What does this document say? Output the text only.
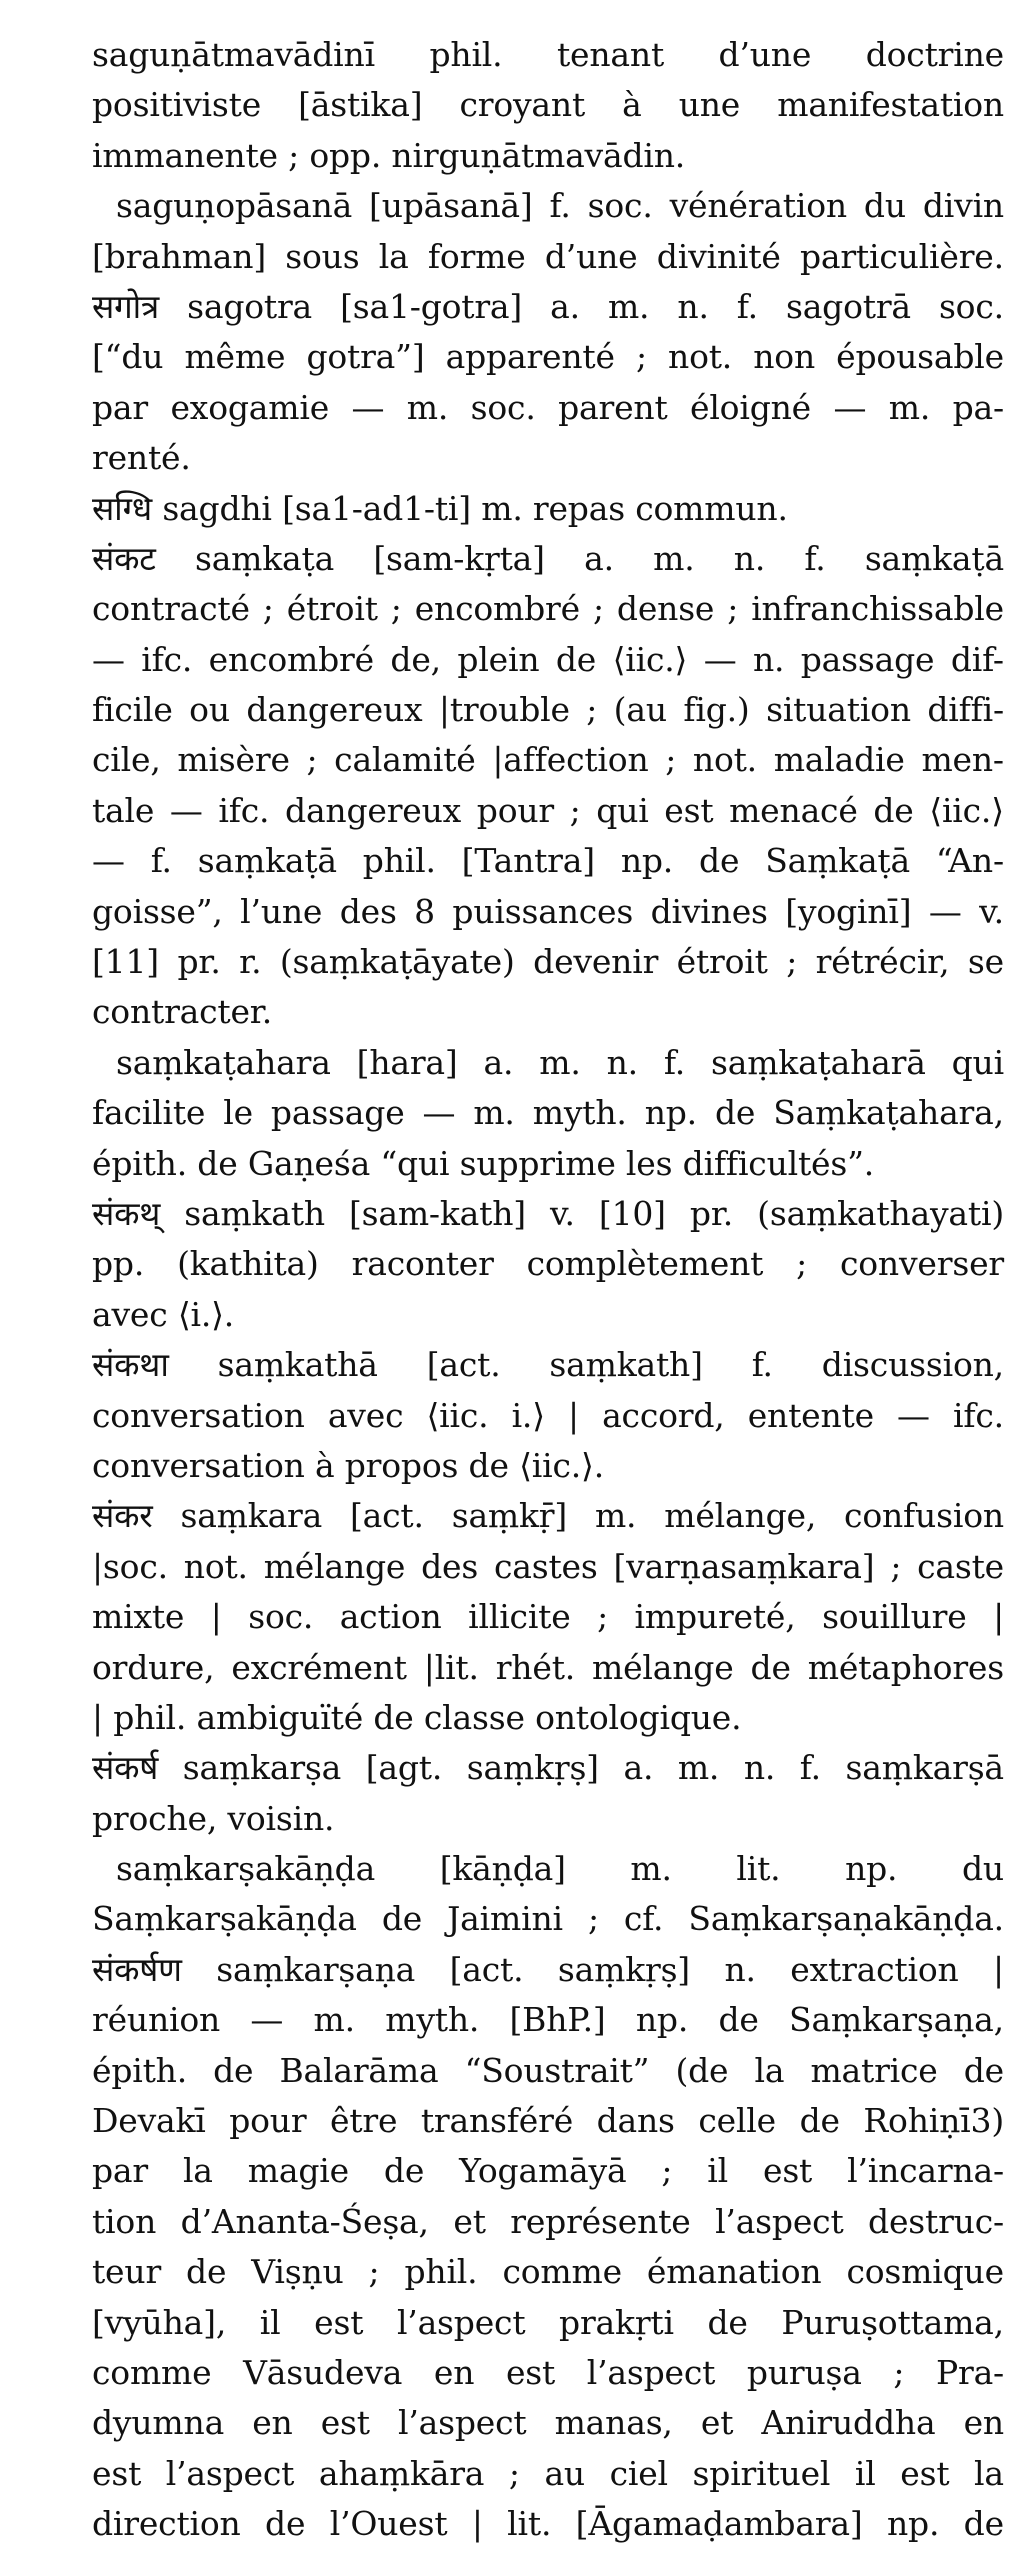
saguṇātmavādinī phil. tenant d’une doctrine
positiviste [āstika] croyant à une manifestation
immanente ; opp. nirguṇātmavādin.
saguṇopāsanā [upāsanā] f. soc. vénération du divin
[brahman] sous la forme d’une divinité particulière.
सगोत्र sagotra [sa1-gotra] a. m. n. f. sagotrā soc.
[“du même gotra”] apparenté ; not. non épousable
par exogamie — m. soc. parent éloigné — m. pa-
renté.
सग्धि sagdhi [sa1-ad1-ti] m. repas commun.
संकट saṃkaṭa [sam-kṛta] a. m. n. f. saṃkaṭā
contracté ; étroit ; encombré ; dense ; infranchissable
— ifc. encombré de, plein de ⟨iic.⟩ — n. passage dif-
ficile ou dangereux |trouble ; (au fig.) situation diffi-
cile, misère ; calamité |affection ; not. maladie men-
tale — ifc. dangereux pour ; qui est menacé de ⟨iic.⟩
— f. saṃkaṭā phil. [Tantra] np. de Saṃkaṭā “An-
goisse”, l’une des 8 puissances divines [yoginī] — v.
[11] pr. r. (saṃkaṭāyate) devenir étroit ; rétrécir, se
contracter.
saṃkaṭahara [hara] a. m. n. f. saṃkaṭaharā qui
facilite le passage — m. myth. np. de Saṃkaṭahara,
épith. de Gaṇeśa “qui supprime les difficultés”.
संकथ् saṃkath [sam-kath] v. [10] pr. (saṃkathayati)
pp. (kathita) raconter complètement ; converser
avec ⟨i.⟩.
संकथा saṃkathā [act. saṃkath] f. discussion,
conversation avec ⟨iic. i.⟩ | accord, entente — ifc.
conversation à propos de ⟨iic.⟩.
संकर saṃkara [act. saṃkṝ] m. mélange, confusion
|soc. not. mélange des castes [varṇasaṃkara] ; caste
mixte | soc. action illicite ; impureté, souillure |
ordure, excrément |lit. rhét. mélange de métaphores
| phil. ambiguïté de classe ontologique.
संकर्ष saṃkarṣa [agt. saṃkṛṣ] a. m. n. f. saṃkarṣā
proche, voisin.
saṃkarṣakāṇḍa [kāṇḍa] m. lit. np. du
Saṃkarṣakāṇḍa de Jaimini ; cf. Saṃkarṣaṇakāṇḍa.
संकर्षण saṃkarṣaṇa [act. saṃkṛṣ] n. extraction |
réunion — m. myth. [BhP.] np. de Saṃkarṣaṇa,
épith. de Balarāma “Soustrait” (de la matrice de
Devakī pour être transféré dans celle de Rohiṇī3)
par la magie de Yogamāyā ; il est l’incarna-
tion d’Ananta-Śeṣa, et représente l’aspect destruc-
teur de Viṣṇu ; phil. comme émanation cosmique
[vyūha], il est l’aspect prakṛti de Puruṣottama,
comme Vāsudeva en est l’aspect puruṣa ; Pra-
dyumna en est l’aspect manas, et Aniruddha en
est l’aspect ahaṃkāra ; au ciel spirituel il est la
direction de l’Ouest | lit. [Āgamaḍambara] np. de
